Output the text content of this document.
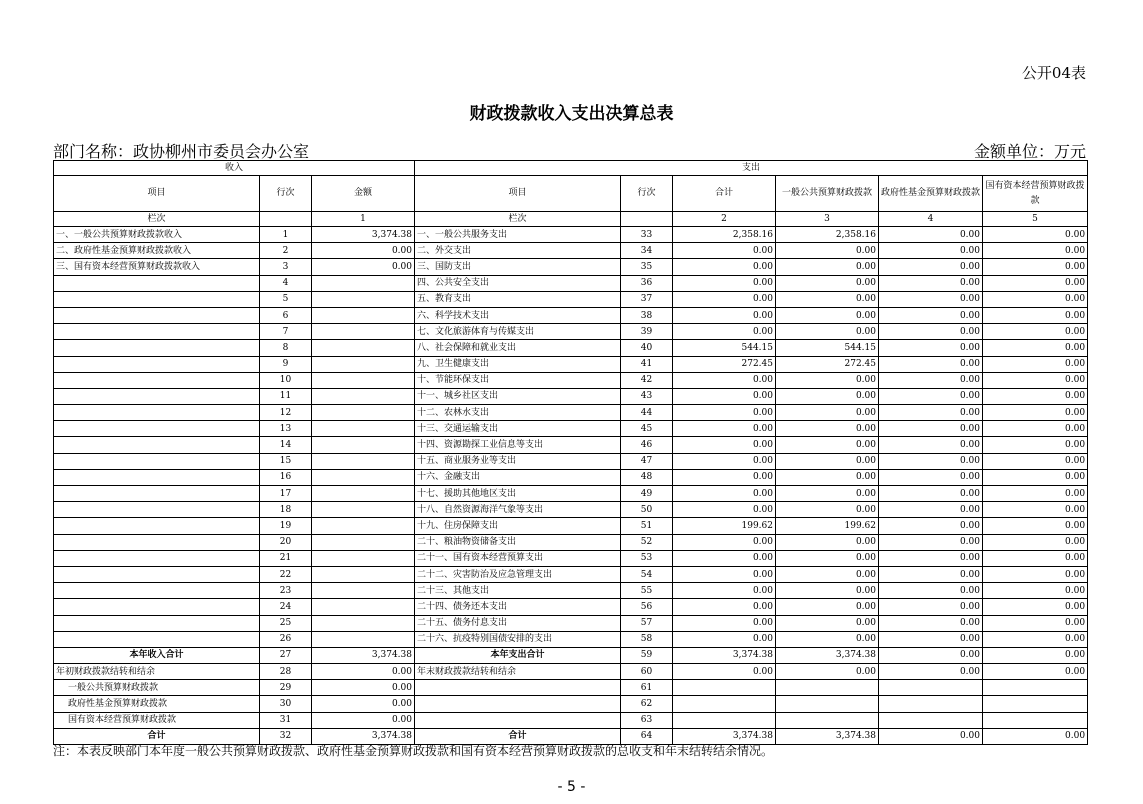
公开04表
财政拨款收入支出决算总表
部门名称：政协柳州市委员会办公室	金额单位：万元
收入			支出					
项目	行次	金额	项目	行次	合计	一般公共预算财政拨款	政府性基金预算财政拨款	国有资本经营预算财政拨款
栏次		1	栏次		2	3	4	5
一、一般公共预算财政拨款收入	1	3,374.38	一、一般公共服务支出	33	2,358.16	2,358.16	0.00	0.00
二、政府性基金预算财政拨款收入	2	0.00	二、外交支出	34	0.00	0.00	0.00	0.00
三、国有资本经营预算财政拨款收入	3	0.00	三、国防支出	35	0.00	0.00	0.00	0.00
	4		四、公共安全支出	36	0.00	0.00	0.00	0.00
	5		五、教育支出	37	0.00	0.00	0.00	0.00
	6		六、科学技术支出	38	0.00	0.00	0.00	0.00
	7		七、文化旅游体育与传媒支出	39	0.00	0.00	0.00	0.00
	8		八、社会保障和就业支出	40	544.15	544.15	0.00	0.00
	9		九、卫生健康支出	41	272.45	272.45	0.00	0.00
	10		十、节能环保支出	42	0.00	0.00	0.00	0.00
	11		十一、城乡社区支出	43	0.00	0.00	0.00	0.00
	12		十二、农林水支出	44	0.00	0.00	0.00	0.00
	13		十三、交通运输支出	45	0.00	0.00	0.00	0.00
	14		十四、资源勘探工业信息等支出	46	0.00	0.00	0.00	0.00
	15		十五、商业服务业等支出	47	0.00	0.00	0.00	0.00
	16		十六、金融支出	48	0.00	0.00	0.00	0.00
	17		十七、援助其他地区支出	49	0.00	0.00	0.00	0.00
	18		十八、自然资源海洋气象等支出	50	0.00	0.00	0.00	0.00
	19		十九、住房保障支出	51	199.62	199.62	0.00	0.00
	20		二十、粮油物资储备支出	52	0.00	0.00	0.00	0.00
	21		二十一、国有资本经营预算支出	53	0.00	0.00	0.00	0.00
	22		二十二、灾害防治及应急管理支出	54	0.00	0.00	0.00	0.00
	23		二十三、其他支出	55	0.00	0.00	0.00	0.00
	24		二十四、债务还本支出	56	0.00	0.00	0.00	0.00
	25		二十五、债务付息支出	57	0.00	0.00	0.00	0.00
	26		二十六、抗疫特别国债安排的支出	58	0.00	0.00	0.00	0.00
本年收入合计	27	3,374.38	本年支出合计	59	3,374.38	3,374.38	0.00	0.00
年初财政拨款结转和结余	28	0.00	年末财政拨款结转和结余	60	0.00	0.00	0.00	0.00
一般公共预算财政拨款	29	0.00		61				
政府性基金预算财政拨款	30	0.00		62				
国有资本经营预算财政拨款	31	0.00		63				
合计	32	3,374.38	合计	64	3,374.38	3,374.38	0.00	0.00
注：本表反映部门本年度一般公共预算财政拨款、政府性基金预算财政拨款和国有资本经营预算财政拨款的总收支和年末结转结余情况。
- 5 -
